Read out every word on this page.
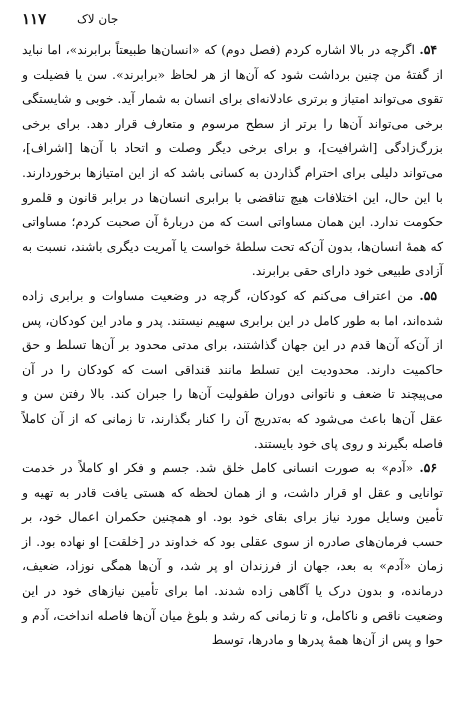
۱۱۷	جان لاک

۵۴. اگرچه در بالا اشاره کردم (فصل دوم) که «انسان‌ها طبیعتاً برابرند»، اما نباید از گفتهٔ من چنین برداشت شود که آن‌ها از هر لحاظ «برابرند». سن یا فضیلت و تقوی می‌تواند امتیاز و برتری عادلانه‌ای برای انسان به شمار آید. خوبی و شایستگی برخی می‌تواند آن‌ها را برتر از سطح مرسوم و متعارف قرار دهد. برای برخی بزرگ‌زادگی [اشرافیت]، و برای برخی دیگر وصلت و اتحاد با آن‌ها [اشراف]، می‌تواند دلیلی برای احترام گذاردن به کسانی باشد که از این امتیازها برخوردارند. با این حال، این اختلافات هیچ تناقضی با برابری انسان‌ها در برابر قانون و قلمرو حکومت ندارد. این همان مساواتی است که من دربارهٔ آن صحبت کردم؛ مساواتی که همهٔ انسان‌ها، بدون آن‌که تحت سلطهٔ خواست یا آمریت دیگری باشند، نسبت به آزادی طبیعی خود دارای حقی برابرند.

۵۵. من اعتراف می‌کنم که کودکان، گرچه در وضعیت مساوات و برابری زاده شده‌اند، اما به طور کامل در این برابری سهیم نیستند. پدر و مادر این کودکان، پس از آن‌که آن‌ها قدم در این جهان گذاشتند، برای مدتی محدود بر آن‌ها تسلط و حق حاکمیت دارند. محدودیت این تسلط مانند قنداقی است که کودکان را در آن می‌پیچند تا ضعف و ناتوانی دوران طفولیت آن‌ها را جبران کند. بالا رفتن سن و عقل آن‌ها باعث می‌شود که به‌تدریج آن را کنار بگذارند، تا زمانی که از آن کاملاً فاصله بگیرند و روی پای خود بایستند.

۵۶. «آدم» به صورت انسانی کامل خلق شد. جسم و فکر او کاملاً در خدمت توانایی و عقل او قرار داشت، و از همان لحظه که هستی یافت قادر به تهیه و تأمین وسایل مورد نیاز برای بقای خود بود. او همچنین حکمران اعمال خود، بر حسب فرمان‌های صادره از سوی عقلی بود که خداوند در [خلقت] او نهاده بود. از زمان «آدم» به بعد، جهان از فرزندان او پر شد، و آن‌ها همگی نوزاد، ضعیف، درمانده، و بدون درک یا آگاهی زاده شدند. اما برای تأمین نیازهای خود در این وضعیت ناقص و ناکامل، و تا زمانی که رشد و بلوغ میان آن‌ها فاصله انداخت، آدم و حوا و پس از آن‌ها همهٔ پدرها و مادرها، توسط
